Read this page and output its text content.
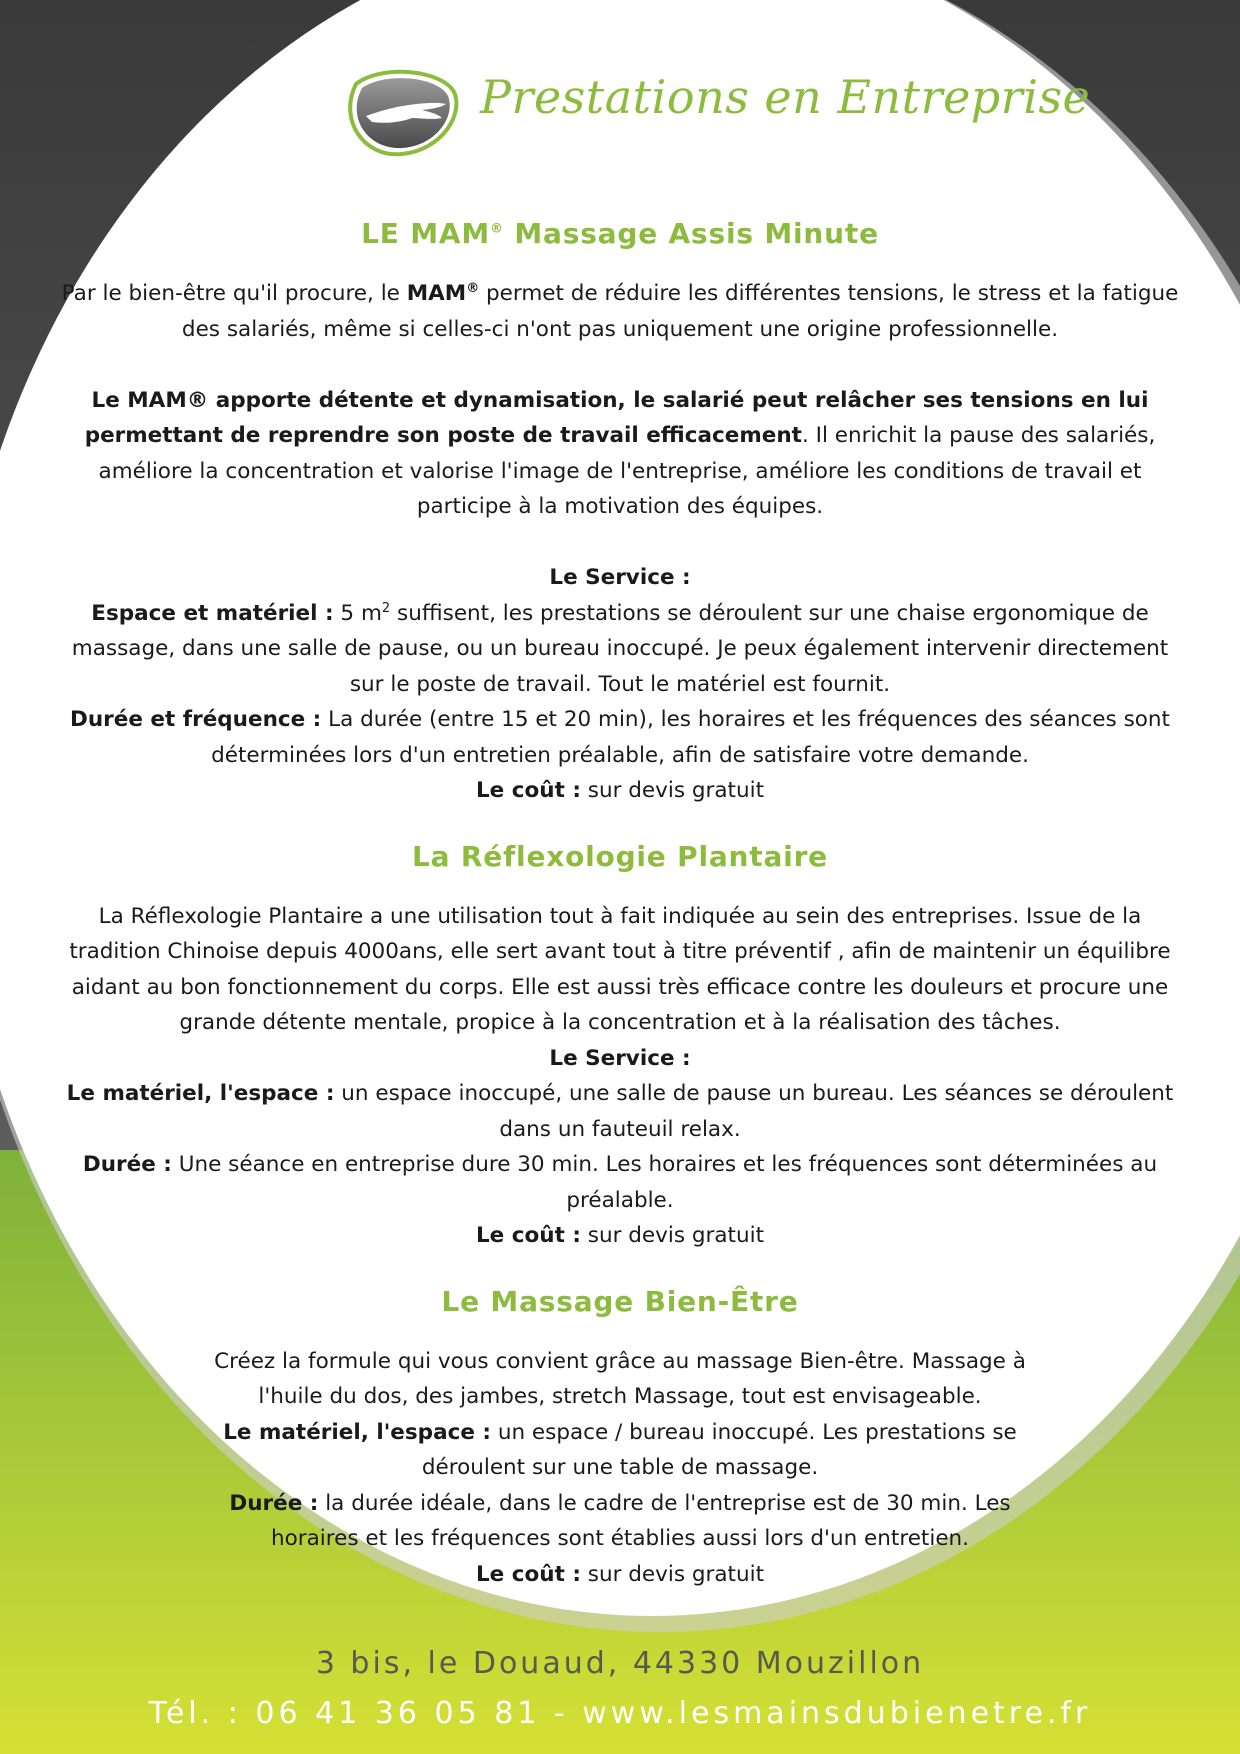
Prestations en Entreprise
LE MAM® Massage Assis Minute

Par le bien-être qu'il procure, le MAM® permet de réduire les différentes tensions, le stress et la fatigue des salariés, même si celles-ci n'ont pas uniquement une origine professionnelle.

Le MAM® apporte détente et dynamisation, le salarié peut relâcher ses tensions en lui permettant de reprendre son poste de travail efficacement. Il enrichit la pause des salariés, améliore la concentration et valorise l'image de l'entreprise, améliore les conditions de travail et participe à la motivation des équipes.

Le Service :

Espace et matériel : 5 $m^2$ suffisent, les prestations se déroulent sur une chaise ergonomique de massage, dans une salle de pause, ou un bureau inoccupé. Je peux également intervenir directement sur le poste de travail. Tout le matériel est fournit.

Durée et fréquence : La durée (entre 15 et 20 min), les horaires et les fréquences des séances sont déterminées lors d'un entretien préalable, afin de satisfaire votre demande.

Le coût : sur devis gratuit

La Réflexologie Plantaire

La Réflexologie Plantaire a une utilisation tout à fait indiquée au sein des entreprises. Issue de la tradition Chinoise depuis 4000ans, elle sert avant tout à titre préventif , afin de maintenir un équilibre aidant au bon fonctionnement du corps. Elle est aussi très efficace contre les douleurs et procure une grande détente mentale, propice à la concentration et à la réalisation des tâches.

Le Service :

Le matériel, l'espace : un espace inoccupé, une salle de pause un bureau. Les séances se déroulent dans un fauteuil relax.

Durée : Une séance en entreprise dure 30 min. Les horaires et les fréquences sont déterminées au préalable.

Le coût : sur devis gratuit

Le Massage Bien-Être

Créez la formule qui vous convient grâce au massage Bien-être. Massage à l'huile du dos, des jambes, stretch Massage, tout est envisageable.

Le matériel, l'espace : un espace / bureau inoccupé. Les prestations se déroulent sur une table de massage.

Durée : la durée idéale, dans le cadre de l'entreprise est de 30 min. Les horaires et les fréquences sont établies aussi lors d'un entretien.

Le coût : sur devis gratuit

3 bis, le Douaud, 44330 Mouzillon
Tél. : 06 41 36 05 81 - www.lesmainsdubienetre.fr
